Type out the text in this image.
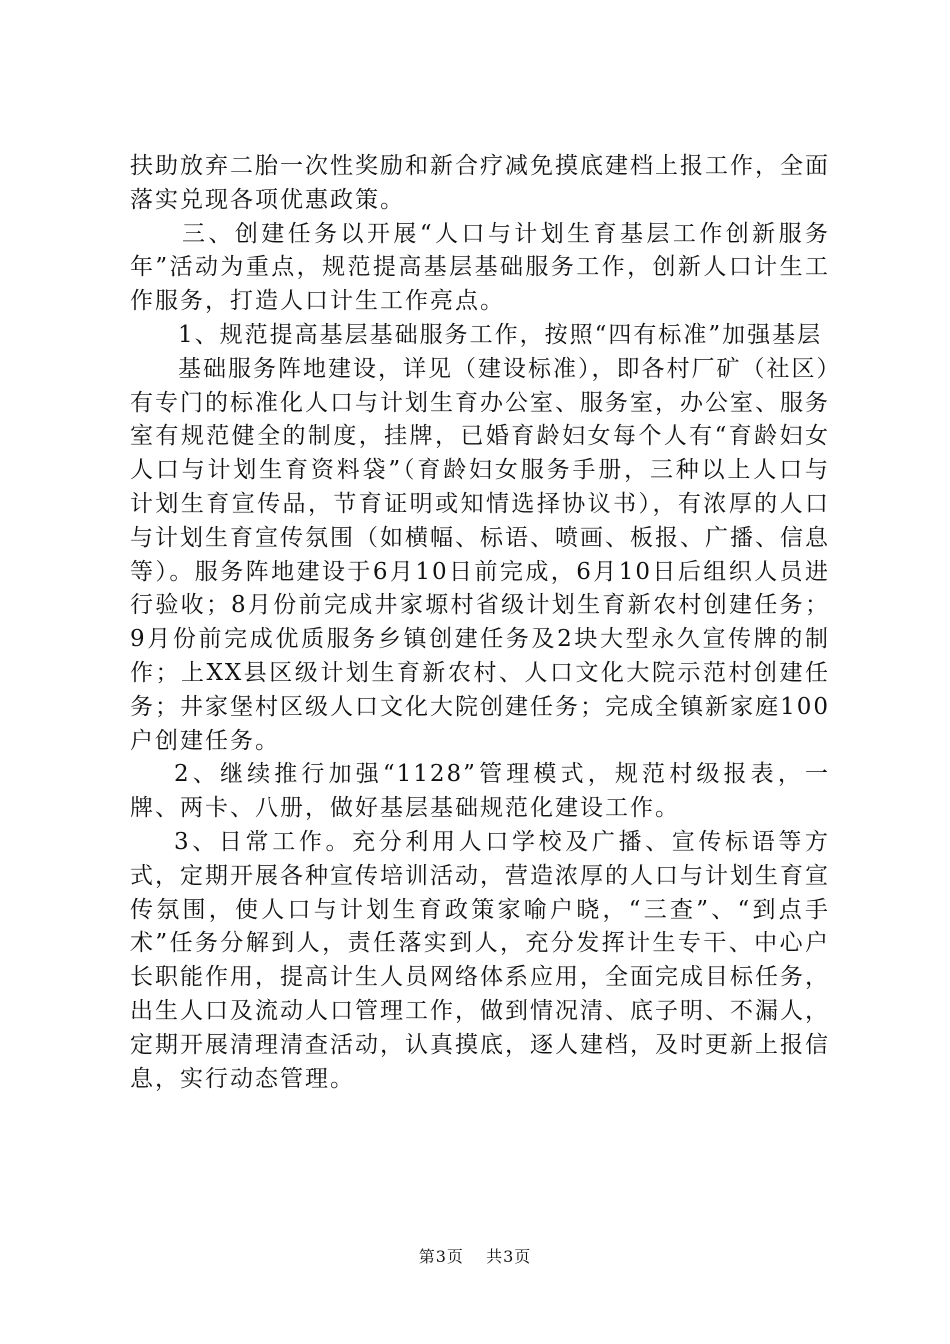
扶助放弃二胎一次性奖励和新合疗减免摸底建档上报工作，全面落实兑现各项优惠政策。

三、创建任务以开展“人口与计划生育基层工作创新服务年”活动为重点，规范提高基层基础服务工作，创新人口计生工作服务，打造人口计生工作亮点。

1、规范提高基层基础服务工作，按照“四有标准”加强基层

基础服务阵地建设，详见（建设标准），即各村厂矿（社区）有专门的标准化人口与计划生育办公室、服务室，办公室、服务室有规范健全的制度，挂牌，已婚育龄妇女每个人有“育龄妇女人口与计划生育资料袋”（育龄妇女服务手册，三种以上人口与计划生育宣传品，节育证明或知情选择协议书），有浓厚的人口与计划生育宣传氛围（如横幅、标语、喷画、板报、广播、信息等）。服务阵地建设于6月10日前完成，6月10日后组织人员进行验收；8月份前完成井家塬村省级计划生育新农村创建任务；9月份前完成优质服务乡镇创建任务及2块大型永久宣传牌的制作；上XX县区级计划生育新农村、人口文化大院示范村创建任务；井家堡村区级人口文化大院创建任务；完成全镇新家庭100户创建任务。

2、继续推行加强“1128”管理模式，规范村级报表，一牌、两卡、八册，做好基层基础规范化建设工作。

3、日常工作。充分利用人口学校及广播、宣传标语等方式，定期开展各种宣传培训活动，营造浓厚的人口与计划生育宣传氛围，使人口与计划生育政策家喻户晓，“三查”、“到点手术”任务分解到人，责任落实到人，充分发挥计生专干、中心户长职能作用，提高计生人员网络体系应用，全面完成目标任务，出生人口及流动人口管理工作，做到情况清、底子明、不漏人，定期开展清理清查活动，认真摸底，逐人建档，及时更新上报信息，实行动态管理。

第3页 共3页
